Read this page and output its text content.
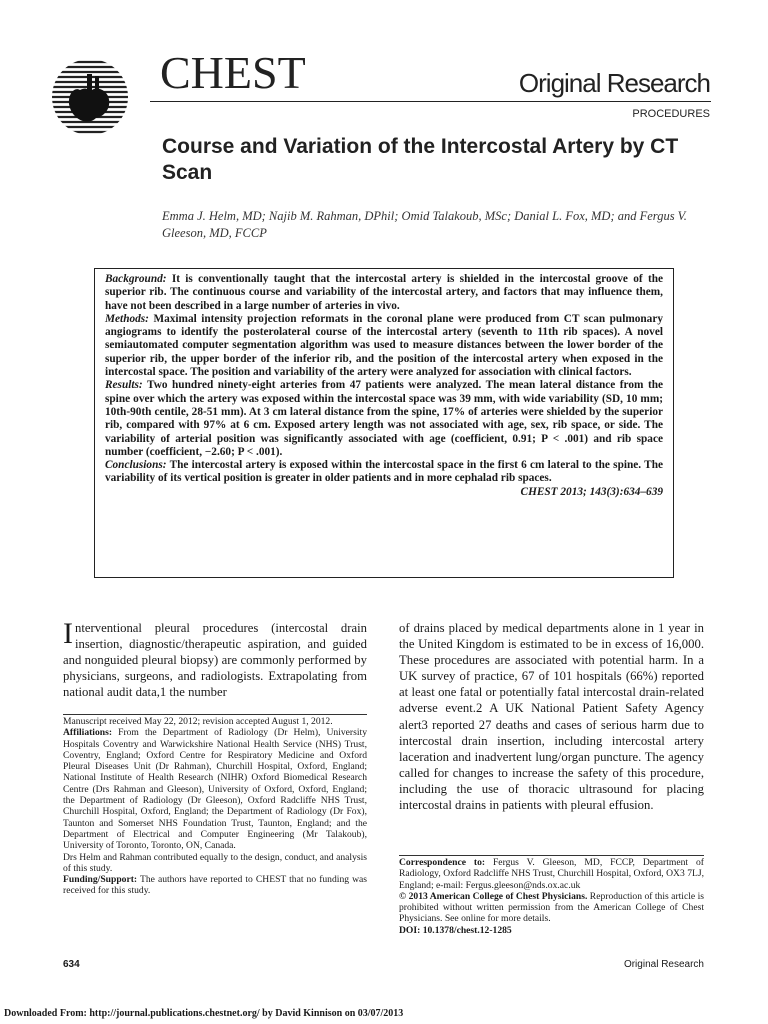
CHEST	Original Research
PROCEDURES
Course and Variation of the Intercostal Artery by CT Scan
Emma J. Helm, MD; Najib M. Rahman, DPhil; Omid Talakoub, MSc; Danial L. Fox, MD; and Fergus V. Gleeson, MD, FCCP

Background: It is conventionally taught that the intercostal artery is shielded in the intercostal groove of the superior rib. The continuous course and variability of the intercostal artery, and factors that may influence them, have not been described in a large number of arteries in vivo.

Methods: Maximal intensity projection reformats in the coronal plane were produced from CT scan pulmonary angiograms to identify the posterolateral course of the intercostal artery (seventh to 11th rib spaces). A novel semiautomated computer segmentation algorithm was used to measure distances between the lower border of the superior rib, the upper border of the inferior rib, and the position of the intercostal artery when exposed in the intercostal space. The position and variability of the artery were analyzed for association with clinical factors.

Results: Two hundred ninety-eight arteries from 47 patients were analyzed. The mean lateral distance from the spine over which the artery was exposed within the intercostal space was 39 mm, with wide variability (SD, 10 mm; 10th-90th centile, 28-51 mm). At 3 cm lateral distance from the spine, 17% of arteries were shielded by the superior rib, compared with 97% at 6 cm. Exposed artery length was not associated with age, sex, rib space, or side. The variability of arterial position was significantly associated with age (coefficient, 0.91; P < .001) and rib space number (coefficient, −2.60; P < .001).

Conclusions: The intercostal artery is exposed within the intercostal space in the first 6 cm lateral to the spine. The variability of its vertical position is greater in older patients and in more cephalad rib spaces.

CHEST 2013; 143(3):634–639
Interventional pleural procedures (intercostal drain insertion, diagnostic/therapeutic aspiration, and guided and nonguided pleural biopsy) are commonly performed by physicians, surgeons, and radiologists. Extrapolating from national audit data,1 the number

Manuscript received May 22, 2012; revision accepted August 1, 2012.

Affiliations: From the Department of Radiology (Dr Helm), University Hospitals Coventry and Warwickshire National Health Service (NHS) Trust, Coventry, England; Oxford Centre for Respiratory Medicine and Oxford Pleural Diseases Unit (Dr Rahman), Churchill Hospital, Oxford, England; National Institute of Health Research (NIHR) Oxford Biomedical Research Centre (Drs Rahman and Gleeson), University of Oxford, Oxford, England; the Department of Radiology (Dr Gleeson), Oxford Radcliffe NHS Trust, Churchill Hospital, Oxford, England; the Department of Radiology (Dr Fox), Taunton and Somerset NHS Foundation Trust, Taunton, England; and the Department of Electrical and Computer Engineering (Mr Talakoub), University of Toronto, Toronto, ON, Canada.

Drs Helm and Rahman contributed equally to the design, conduct, and analysis of this study.

Funding/Support: The authors have reported to CHEST that no funding was received for this study.

of drains placed by medical departments alone in 1 year in the United Kingdom is estimated to be in excess of 16,000. These procedures are associated with potential harm. In a UK survey of practice, 67 of 101 hospitals (66%) reported at least one fatal or potentially fatal intercostal drain-related adverse event.2 A UK National Patient Safety Agency alert3 reported 27 deaths and cases of serious harm due to intercostal drain insertion, including intercostal artery laceration and inadvertent lung/organ puncture. The agency called for changes to increase the safety of this procedure, including the use of thoracic ultrasound for placing intercostal drains in patients with pleural effusion.

Correspondence to: Fergus V. Gleeson, MD, FCCP, Department of Radiology, Oxford Radcliffe NHS Trust, Churchill Hospital, Oxford, OX3 7LJ, England; e-mail: Fergus.gleeson@nds.ox.ac.uk

© 2013 American College of Chest Physicians. Reproduction of this article is prohibited without written permission from the American College of Chest Physicians. See online for more details.

DOI: 10.1378/chest.12-1285

634	Original Research
Downloaded From: http://journal.publications.chestnet.org/ by David Kinnison on 03/07/2013
